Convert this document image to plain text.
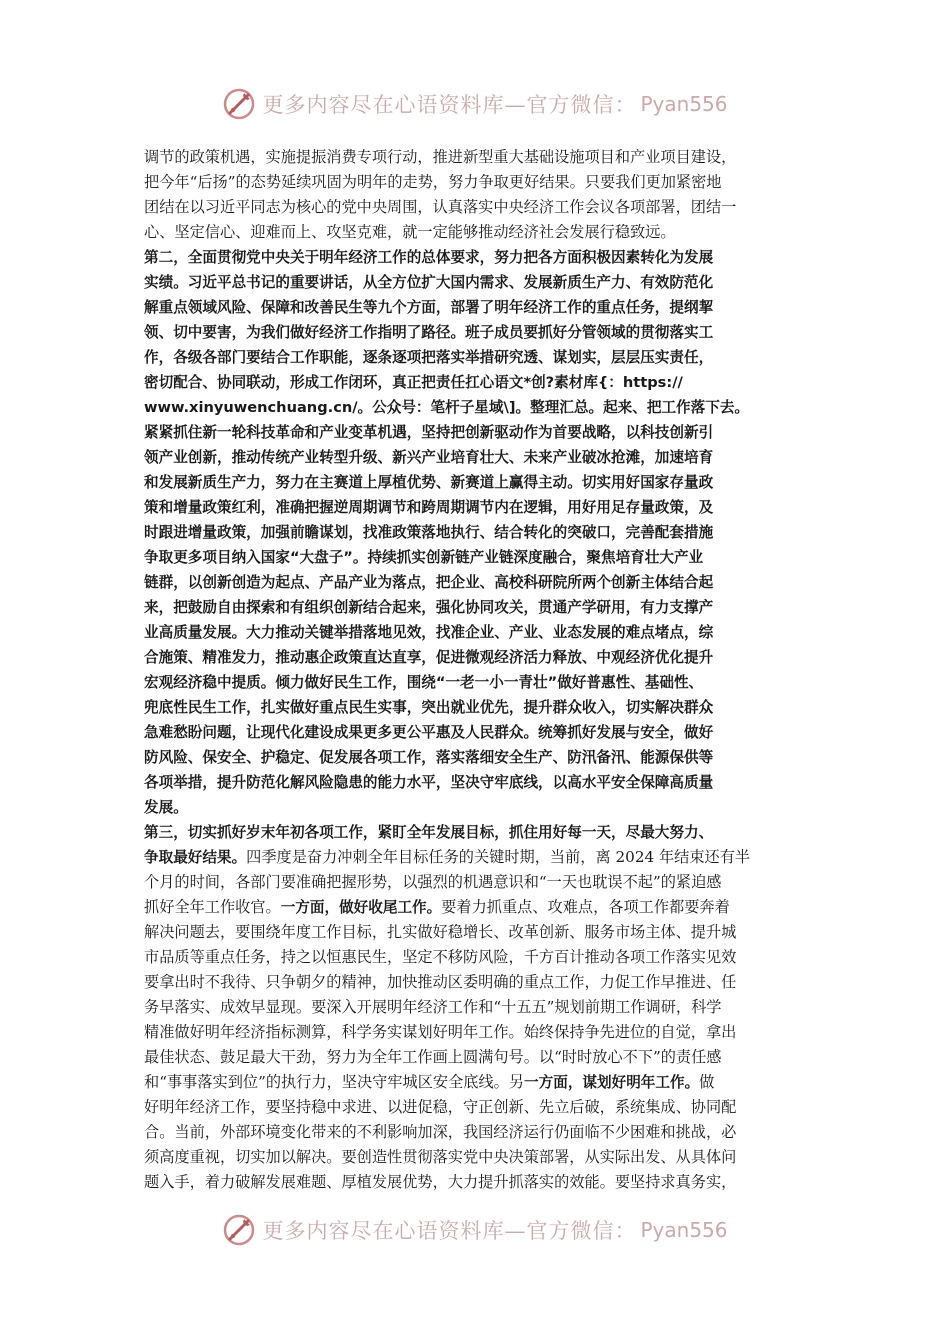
更多内容尽在心语资料库—官方微信： Pyan556
调节的政策机遇，实施提振消费专项行动，推进新型重大基础设施项目和产业项目建设，
把今年“后扬”的态势延续巩固为明年的走势，努力争取更好结果。只要我们更加紧密地
团结在以习近平同志为核心的党中央周围，认真落实中央经济工作会议各项部署，团结一
心、坚定信心、迎难而上、攻坚克难，就一定能够推动经济社会发展行稳致远。
第二，全面贯彻党中央关于明年经济工作的总体要求，努力把各方面积极因素转化为发展
实绩。习近平总书记的重要讲话，从全方位扩大国内需求、发展新质生产力、有效防范化
解重点领域风险、保障和改善民生等九个方面，部署了明年经济工作的重点任务，提纲挈
领、切中要害，为我们做好经济工作指明了路径。班子成员要抓好分管领域的贯彻落实工
作，各级各部门要结合工作职能，逐条逐项把落实举措研究透、谋划实，层层压实责任，
密切配合、协同联动，形成工作闭环，真正把责任扛心语文*创?素材库{：https://
www.xinyuwenchuang.cn/。公众号：笔杆子星域\]。整理汇总。起来、把工作落下去。
紧紧抓住新一轮科技革命和产业变革机遇，坚持把创新驱动作为首要战略，以科技创新引
领产业创新，推动传统产业转型升级、新兴产业培育壮大、未来产业破冰抢滩，加速培育
和发展新质生产力，努力在主赛道上厚植优势、新赛道上赢得主动。切实用好国家存量政
策和增量政策红利，准确把握逆周期调节和跨周期调节内在逻辑，用好用足存量政策，及
时跟进增量政策，加强前瞻谋划，找准政策落地执行、结合转化的突破口，完善配套措施
争取更多项目纳入国家“大盘子”。持续抓实创新链产业链深度融合，聚焦培育壮大产业
链群，以创新创造为起点、产品产业为落点，把企业、高校科研院所两个创新主体结合起
来，把鼓励自由探索和有组织创新结合起来，强化协同攻关，贯通产学研用，有力支撑产
业高质量发展。大力推动关键举措落地见效，找准企业、产业、业态发展的难点堵点，综
合施策、精准发力，推动惠企政策直达直享，促进微观经济活力释放、中观经济优化提升
宏观经济稳中提质。倾力做好民生工作，围绕“一老一小一青壮”做好普惠性、基础性、
兜底性民生工作，扎实做好重点民生实事，突出就业优先，提升群众收入，切实解决群众
急难愁盼问题，让现代化建设成果更多更公平惠及人民群众。统筹抓好发展与安全，做好
防风险、保安全、护稳定、促发展各项工作，落实落细安全生产、防汛备汛、能源保供等
各项举措，提升防范化解风险隐患的能力水平，坚决守牢底线，以高水平安全保障高质量
发展。
第三，切实抓好岁末年初各项工作，紧盯全年发展目标，抓住用好每一天，尽最大努力、
争取最好结果。四季度是奋力冲刺全年目标任务的关键时期，当前，离 2024 年结束还有半
个月的时间，各部门要准确把握形势，以强烈的机遇意识和“一天也耽误不起”的紧迫感
抓好全年工作收官。一方面，做好收尾工作。要着力抓重点、攻难点，各项工作都要奔着
解决问题去，要围绕年度工作目标，扎实做好稳增长、改革创新、服务市场主体、提升城
市品质等重点任务，持之以恒惠民生，坚定不移防风险，千方百计推动各项工作落实见效
要拿出时不我待、只争朝夕的精神，加快推动区委明确的重点工作，力促工作早推进、任
务早落实、成效早显现。要深入开展明年经济工作和“十五五”规划前期工作调研，科学
精准做好明年经济指标测算，科学务实谋划好明年工作。始终保持争先进位的自觉，拿出
最佳状态、鼓足最大干劲，努力为全年工作画上圆满句号。以“时时放心不下”的责任感
和“事事落实到位”的执行力，坚决守牢城区安全底线。另一方面，谋划好明年工作。做
好明年经济工作，要坚持稳中求进、以进促稳，守正创新、先立后破，系统集成、协同配
合。当前，外部环境变化带来的不利影响加深，我国经济运行仍面临不少困难和挑战，必
须高度重视，切实加以解决。要创造性贯彻落实党中央决策部署，从实际出发、从具体问
题入手，着力破解发展难题、厚植发展优势，大力提升抓落实的效能。要坚持求真务实，
更多内容尽在心语资料库—官方微信： Pyan556
